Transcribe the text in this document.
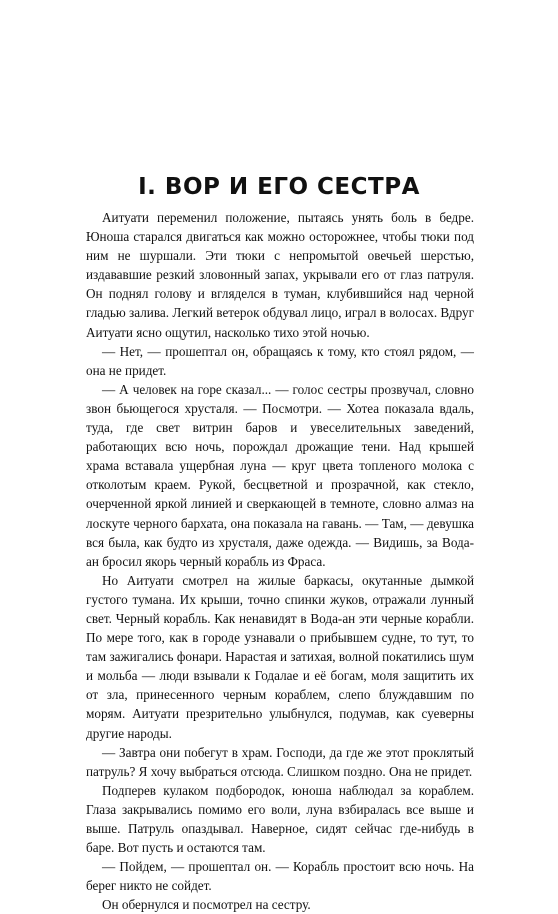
I. ВОР И ЕГО СЕСТРА

Аитуати переменил положение, пытаясь унять боль в бедре. Юноша старался двигаться как можно осторожнее, чтобы тюки под ним не шуршали. Эти тюки с непромытой овечьей шерстью, издававшие резкий зловонный запах, укрывали его от глаз патруля. Он поднял голову и вгляделся в туман, клубившийся над черной гладью залива. Легкий ветерок обдувал лицо, играл в волосах. Вдруг Аитуати ясно ощутил, насколько тихо этой ночью.

— Нет, — прошептал он, обращаясь к тому, кто стоял рядом, — она не придет.

— А человек на горе сказал... — голос сестры прозвучал, словно звон бьющегося хрусталя. — Посмотри. — Хотеа показала вдаль, туда, где свет витрин баров и увеселительных заведений, работающих всю ночь, порождал дрожащие тени. Над крышей храма вставала ущербная луна — круг цвета топленого молока с отколотым краем. Рукой, бесцветной и прозрачной, как стекло, очерченной яркой линией и сверкающей в темноте, словно алмаз на лоскуте черного бархата, она показала на гавань. — Там, — девушка вся была, как будто из хрусталя, даже одежда. — Видишь, за Вода-ан бросил якорь черный корабль из Фраса.

Но Аитуати смотрел на жилые баркасы, окутанные дымкой густого тумана. Их крыши, точно спинки жуков, отражали лунный свет. Черный корабль. Как ненавидят в Вода-ан эти черные корабли. По мере того, как в городе узнавали о прибывшем судне, то тут, то там зажигались фонари. Нарастая и затихая, волной покатились шум и мольба — люди взывали к Годалае и её богам, моля защитить их от зла, принесенного черным кораблем, слепо блуждавшим по морям. Аитуати презрительно улыбнулся, подумав, как суеверны другие народы.

— Завтра они побегут в храм. Господи, да где же этот проклятый патруль? Я хочу выбраться отсюда. Слишком поздно. Она не придет.

Подперев кулаком подбородок, юноша наблюдал за кораблем. Глаза закрывались помимо его воли, луна взбиралась все выше и выше. Патруль опаздывал. Наверное, сидят сейчас где-нибудь в баре. Вот пусть и остаются там.

— Пойдем, — прошептал он. — Корабль простоит всю ночь. На берег никто не сойдет.

Он обернулся и посмотрел на сестру.
